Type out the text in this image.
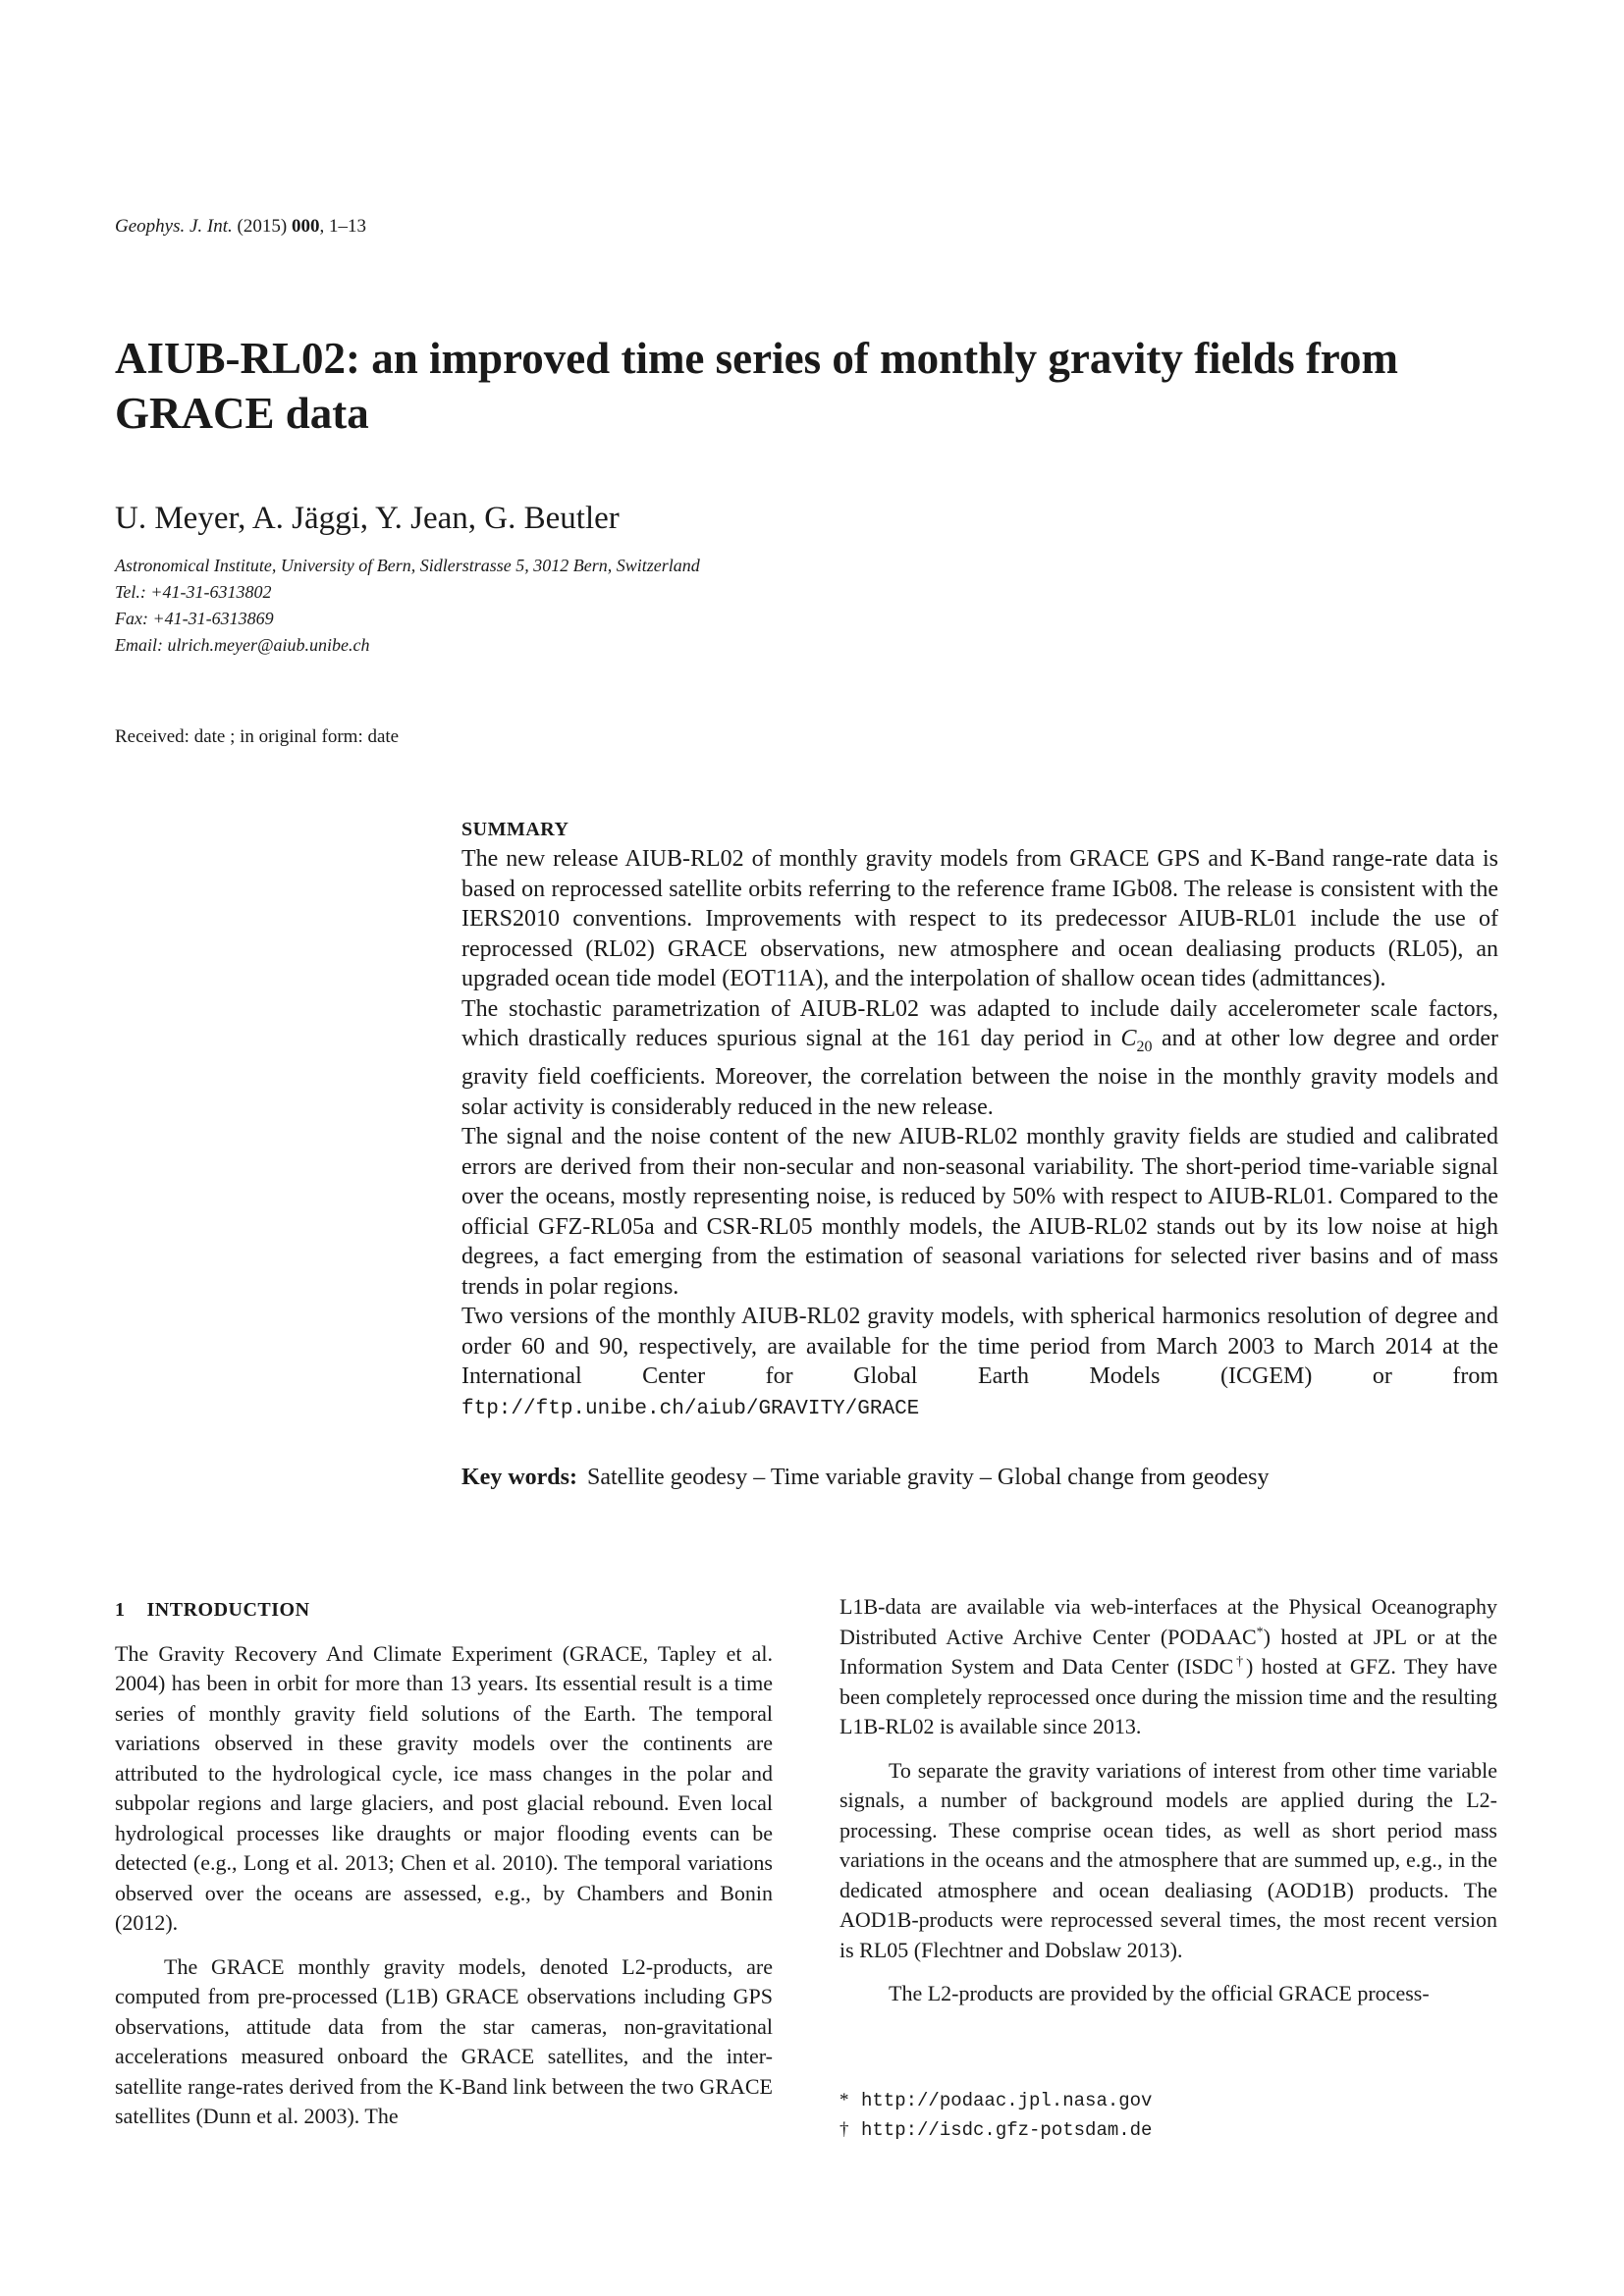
Geophys. J. Int. (2015) 000, 1–13
AIUB-RL02: an improved time series of monthly gravity fields from GRACE data
U. Meyer, A. Jäggi, Y. Jean, G. Beutler
Astronomical Institute, University of Bern, Sidlerstrasse 5, 3012 Bern, Switzerland
Tel.: +41-31-6313802
Fax: +41-31-6313869
Email: ulrich.meyer@aiub.unibe.ch
Received: date ; in original form: date
SUMMARY

The new release AIUB-RL02 of monthly gravity models from GRACE GPS and K-Band range-rate data is based on reprocessed satellite orbits referring to the reference frame IGb08. The release is consistent with the IERS2010 conventions. Improvements with respect to its predecessor AIUB-RL01 include the use of reprocessed (RL02) GRACE observations, new atmosphere and ocean dealiasing products (RL05), an upgraded ocean tide model (EOT11A), and the interpolation of shallow ocean tides (admittances).

The stochastic parametrization of AIUB-RL02 was adapted to include daily accelerometer scale factors, which drastically reduces spurious signal at the 161 day period in $C_{20}$ and at other low degree and order gravity field coefficients. Moreover, the correlation between the noise in the monthly gravity models and solar activity is considerably reduced in the new release.

The signal and the noise content of the new AIUB-RL02 monthly gravity fields are studied and calibrated errors are derived from their non-secular and non-seasonal variability. The short-period time-variable signal over the oceans, mostly representing noise, is reduced by 50% with respect to AIUB-RL01. Compared to the official GFZ-RL05a and CSR-RL05 monthly models, the AIUB-RL02 stands out by its low noise at high degrees, a fact emerging from the estimation of seasonal variations for selected river basins and of mass trends in polar regions.

Two versions of the monthly AIUB-RL02 gravity models, with spherical harmonics resolution of degree and order 60 and 90, respectively, are available for the time period from March 2003 to March 2014 at the International Center for Global Earth Models (ICGEM) or from ftp://ftp.unibe.ch/aiub/GRAVITY/GRACE

Key words: Satellite geodesy – Time variable gravity – Global change from geodesy
1 INTRODUCTION

The Gravity Recovery And Climate Experiment (GRACE, Tapley et al. 2004) has been in orbit for more than 13 years. Its essential result is a time series of monthly gravity field solutions of the Earth. The temporal variations observed in these gravity models over the continents are attributed to the hydrological cycle, ice mass changes in the polar and subpolar regions and large glaciers, and post glacial rebound. Even local hydrological processes like draughts or major flooding events can be detected (e.g., Long et al. 2013; Chen et al. 2010). The temporal variations observed over the oceans are assessed, e.g., by Chambers and Bonin (2012).

The GRACE monthly gravity models, denoted L2-products, are computed from pre-processed (L1B) GRACE observations including GPS observations, attitude data from the star cameras, non-gravitational accelerations measured onboard the GRACE satellites, and the inter-satellite range-rates derived from the K-Band link between the two GRACE satellites (Dunn et al. 2003). The

L1B-data are available via web-interfaces at the Physical Oceanography Distributed Active Archive Center (PODAAC*) hosted at JPL or at the Information System and Data Center (ISDC†) hosted at GFZ. They have been completely reprocessed once during the mission time and the resulting L1B-RL02 is available since 2013.

To separate the gravity variations of interest from other time variable signals, a number of background models are applied during the L2-processing. These comprise ocean tides, as well as short period mass variations in the oceans and the atmosphere that are summed up, e.g., in the dedicated atmosphere and ocean dealiasing (AOD1B) products. The AOD1B-products were reprocessed several times, the most recent version is RL05 (Flechtner and Dobslaw 2013).

The L2-products are provided by the official GRACE process-

* http://podaac.jpl.nasa.gov
† http://isdc.gfz-potsdam.de
